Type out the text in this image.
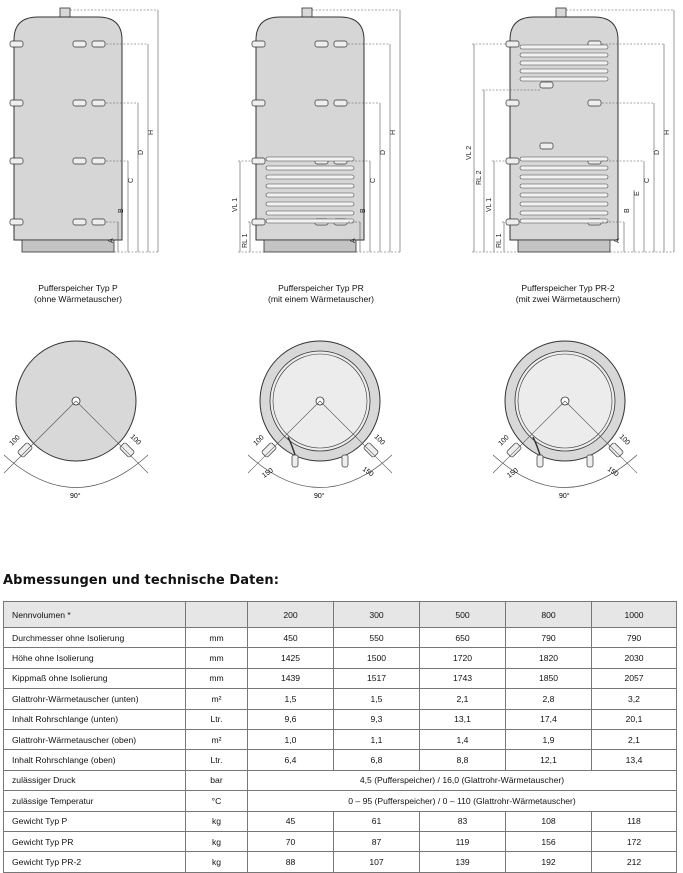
H
D
C
B
A
H
D
C
B
A
VL 1
RL 1
H
D
C
E
B
A
VL 2
RL 2
VL 1
RL 1
90°
100	100
90°
100	100
150	150
90°
100	100
150	150
Pufferspeicher Typ P
(ohne Wärmetauscher)
Pufferspeicher Typ PR
(mit einem Wärmetauscher)
Pufferspeicher Typ PR-2
(mit zwei Wärmetauschern)
Abmessungen und technische Daten:
Nennvolumen *		200	300	500	800	1000
Durchmesser ohne Isolierung	mm	450	550	650	790	790
Höhe ohne Isolierung	mm	1425	1500	1720	1820	2030
Kippmaß ohne Isolierung	mm	1439	1517	1743	1850	2057
Glattrohr-Wärmetauscher (unten)	m²	1,5	1,5	2,1	2,8	3,2
Inhalt Rohrschlange (unten)	Ltr.	9,6	9,3	13,1	17,4	20,1
Glattrohr-Wärmetauscher (oben)	m²	1,0	1,1	1,4	1,9	2,1
Inhalt Rohrschlange (oben)	Ltr.	6,4	6,8	8,8	12,1	13,4
zulässiger Druck	bar	4,5 (Pufferspeicher) / 16,0 (Glattrohr-Wärmetauscher)				
zulässige Temperatur	°C	0 – 95 (Pufferspeicher) / 0 – 110 (Glattrohr-Wärmetauscher)				
Gewicht Typ P	kg	45	61	83	108	118
Gewicht Typ PR	kg	70	87	119	156	172
Gewicht Typ PR-2	kg	88	107	139	192	212
